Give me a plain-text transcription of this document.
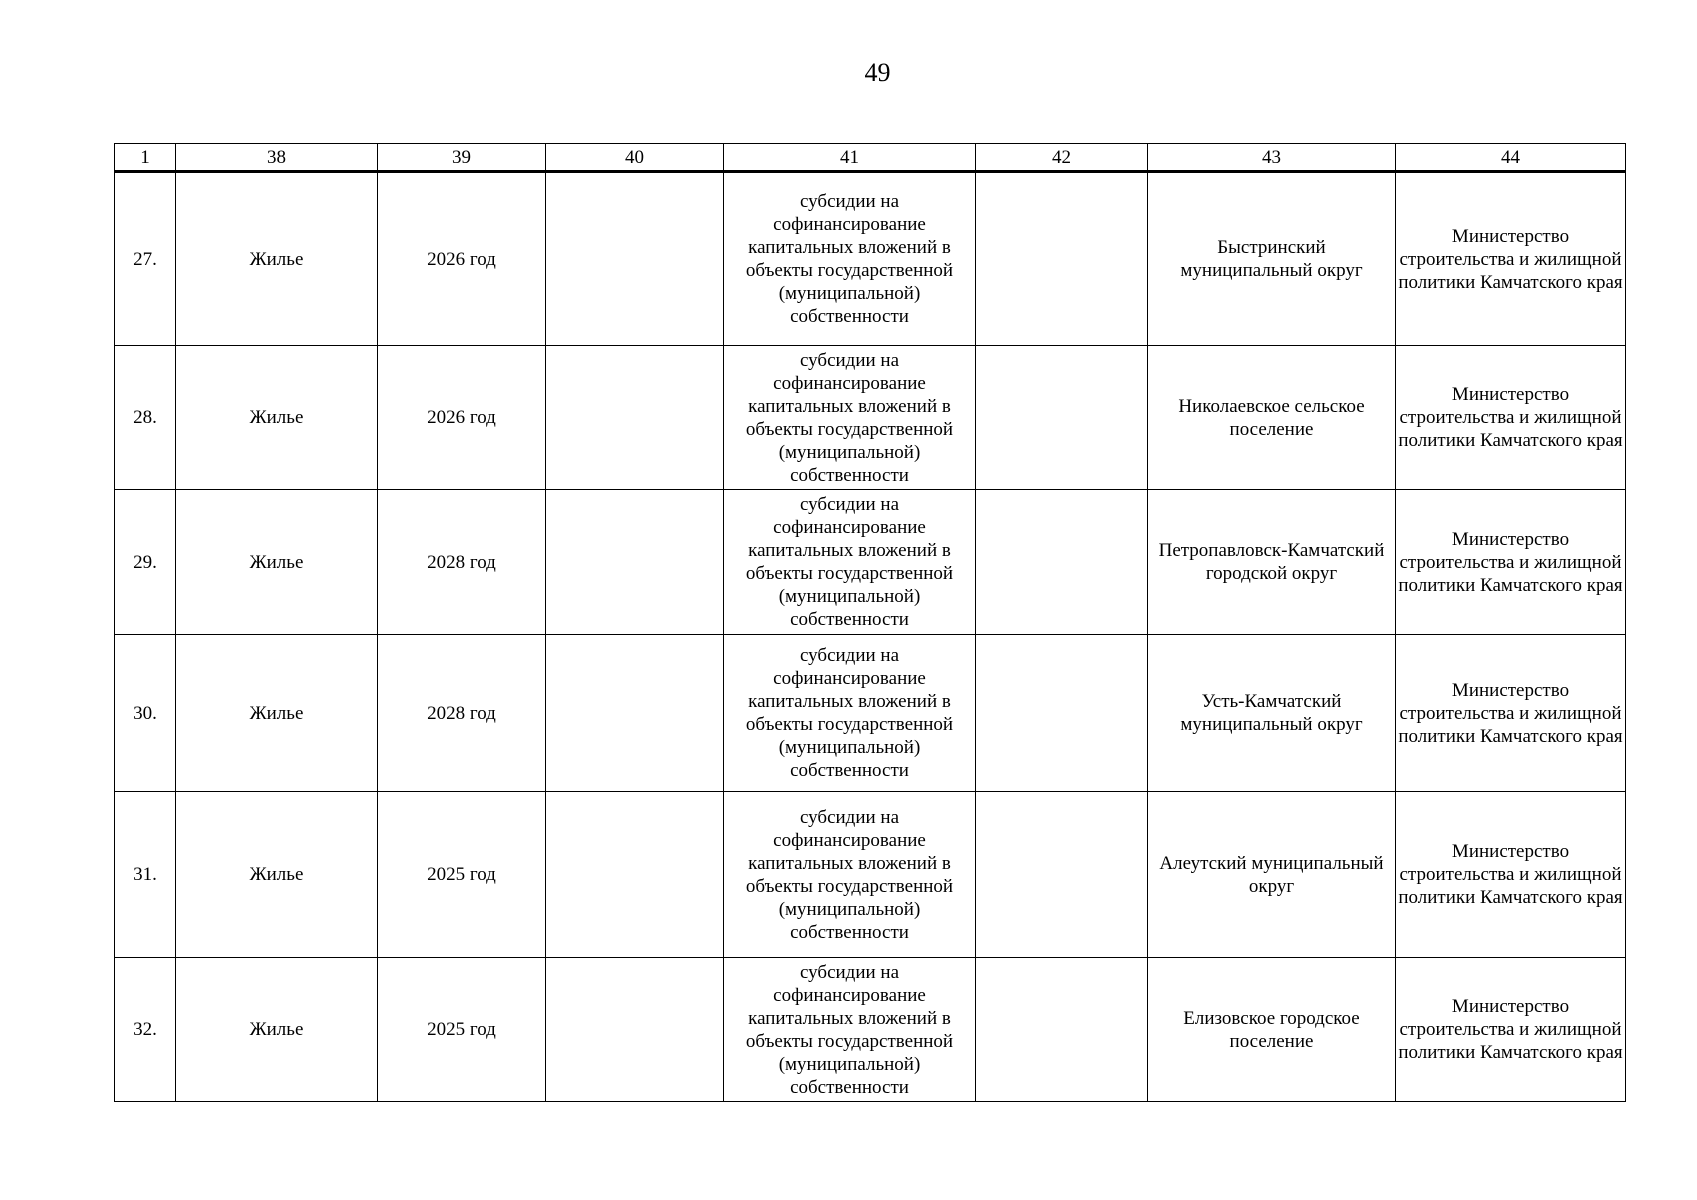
49
1	38	39	40	41	42	43	44
27.	Жилье	2026 год		субсидии на софинансирование капитальных вложений в объекты государственной (муниципальной) собственности		Быстринский муниципальный округ	Министерство строительства и жилищной политики Камчатского края
28.	Жилье	2026 год		субсидии на софинансирование капитальных вложений в объекты государственной (муниципальной) собственности		Николаевское сельское поселение	Министерство строительства и жилищной политики Камчатского края
29.	Жилье	2028 год		субсидии на софинансирование капитальных вложений в объекты государственной (муниципальной) собственности		Петропавловск-Камчатский городской округ	Министерство строительства и жилищной политики Камчатского края
30.	Жилье	2028 год		субсидии на софинансирование капитальных вложений в объекты государственной (муниципальной) собственности		Усть-Камчатский муниципальный округ	Министерство строительства и жилищной политики Камчатского края
31.	Жилье	2025 год		субсидии на софинансирование капитальных вложений в объекты государственной (муниципальной) собственности		Алеутский муниципальный округ	Министерство строительства и жилищной политики Камчатского края
32.	Жилье	2025 год		субсидии на софинансирование капитальных вложений в объекты государственной (муниципальной) собственности		Елизовское городское поселение	Министерство строительства и жилищной политики Камчатского края
